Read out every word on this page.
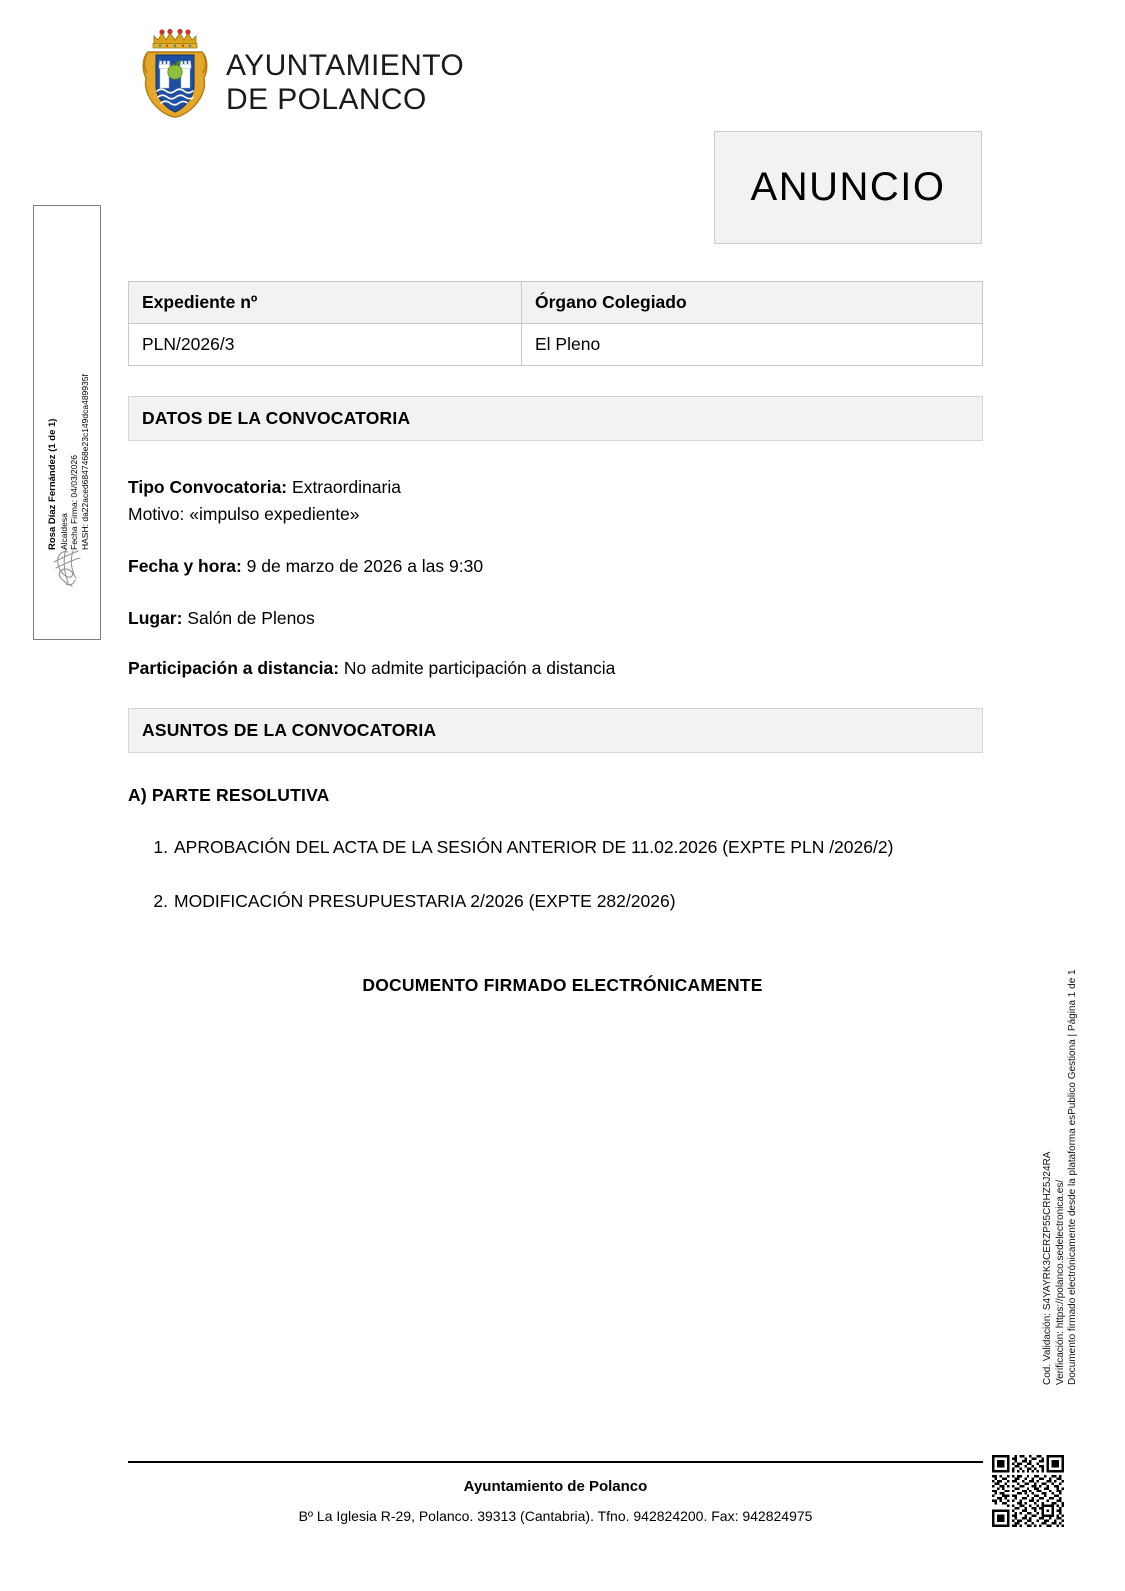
AYUNTAMIENTO
DE POLANCO
ANUNCIO
Expediente nº	Órgano Colegiado
PLN/2026/3	El Pleno
DATOS DE LA CONVOCATORIA
Tipo Convocatoria: Extraordinaria
Motivo: «impulso expediente»
Fecha y hora: 9 de marzo de 2026 a las 9:30
Lugar: Salón de Plenos
Participación a distancia: No admite participación a distancia
ASUNTOS DE LA CONVOCATORIA
A) PARTE RESOLUTIVA
1. APROBACIÓN DEL ACTA DE LA SESIÓN ANTERIOR DE 11.02.2026 (EXPTE PLN /2026/2)
2. MODIFICACIÓN PRESUPUESTARIA 2/2026 (EXPTE 282/2026)
DOCUMENTO FIRMADO ELECTRÓNICAMENTE
Rosa Díaz Fernández (1 de 1) Alcaldesa Fecha Firma: 04/03/2026 HASH: da22aced6847468e23c149dca489935f
Cod. Validación: S4YAYRK3CERZP55CRHZ5J24RA Verificación: https://polanco.sedelectronica.es/ Documento firmado electrónicamente desde la plataforma esPublico Gestiona | Página 1 de 1
Ayuntamiento de Polanco
Bº La Iglesia R-29, Polanco. 39313 (Cantabria). Tfno. 942824200. Fax: 942824975
